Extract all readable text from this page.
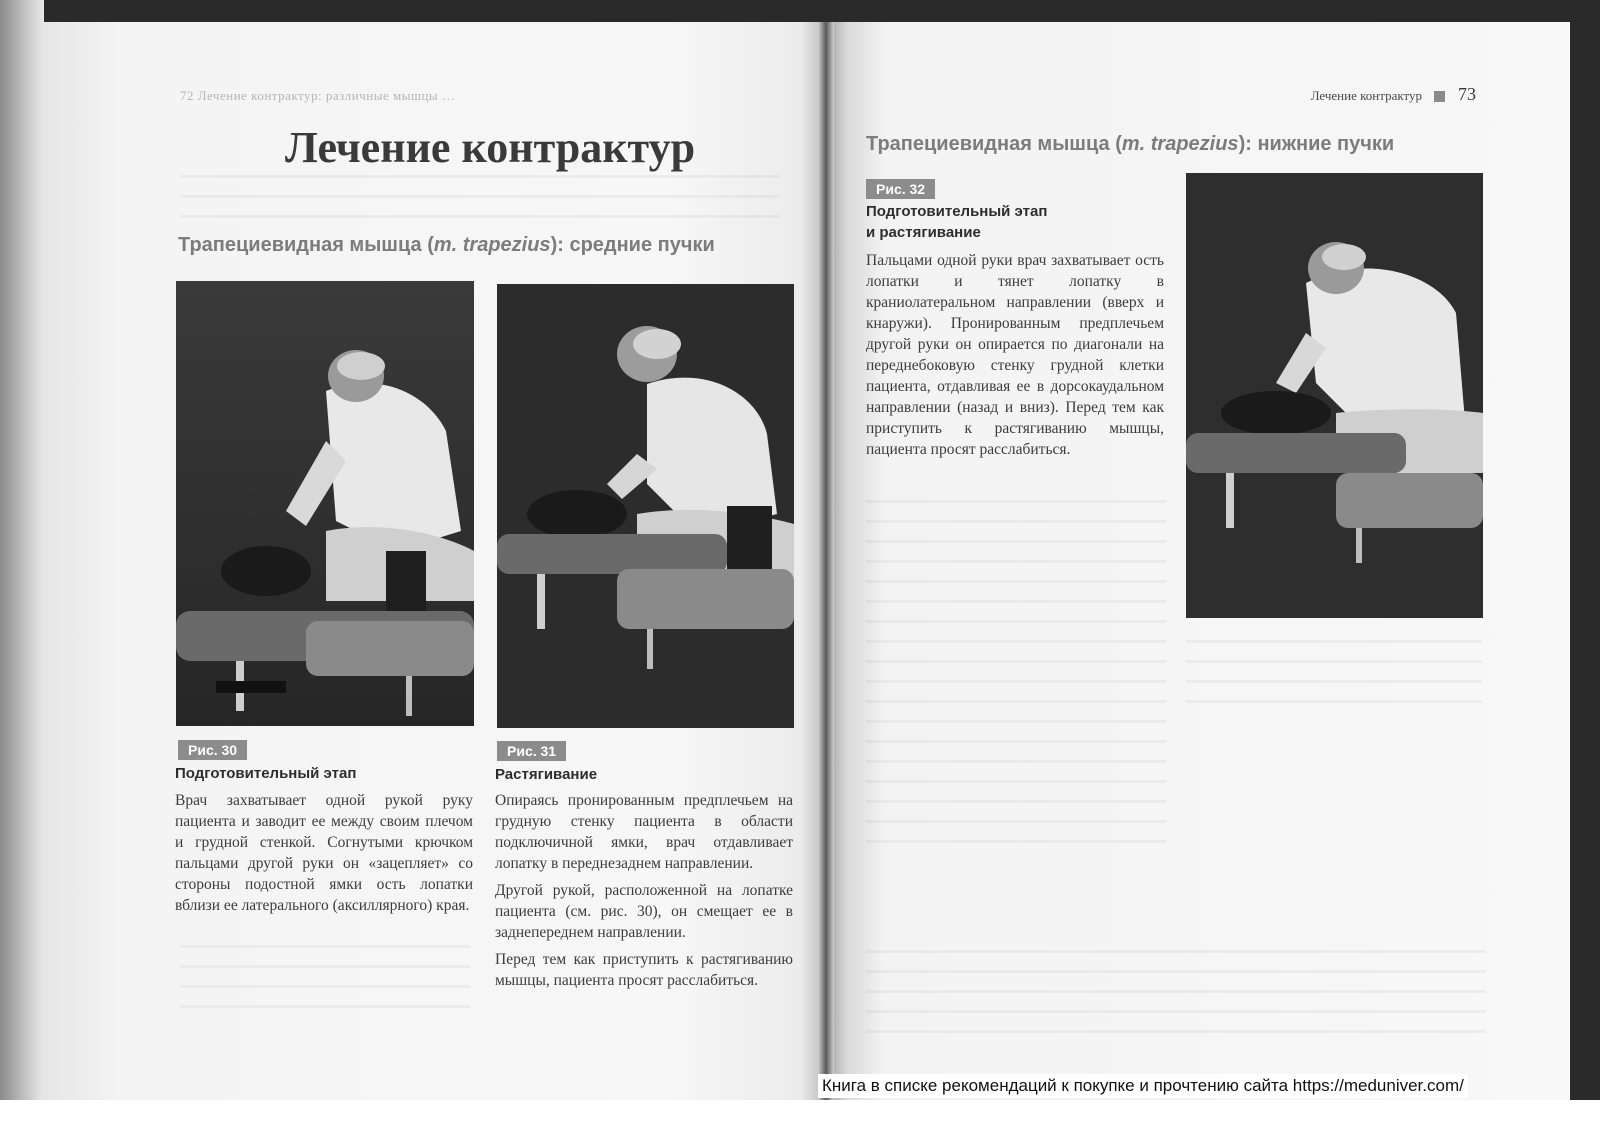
72 Лечение контрактур: различные мышцы …
Лечение контрактур
Трапециевидная мышца (m. trapezius): средние пучки
Рис. 30
Подготовительный этап

Врач захватывает одной рукой руку пациента и заводит ее между своим плечом и грудной стенкой. Согнутыми крючком пальцами другой руки он «зацепляет» со стороны подостной ямки ость лопатки вблизи ее латерального (аксиллярного) края.

Рис. 31
Растягивание

Опираясь пронированным предплечьем на грудную стенку пациента в области подключичной ямки, врач отдавливает лопатку в переднезаднем направлении.

Другой рукой, расположенной на лопатке пациента (см. рис. 30), он смещает ее в заднепереднем направлении.

Перед тем как приступить к растягиванию мышцы, пациента просят расслабиться.

Лечение контрактур 73
Трапециевидная мышца (m. trapezius): нижние пучки
Рис. 32
Подготовительный этап
и растягивание

Пальцами одной руки врач захватывает ость лопатки и тянет лопатку в краниолатеральном направлении (вверх и кнаружи). Пронированным предплечьем другой руки он опирается по диагонали на переднебоковую стенку грудной клетки пациента, отдавливая ее в дорсокаудальном направлении (назад и вниз). Перед тем как приступить к растягиванию мышцы, пациента просят расслабиться.

Книга в списке рекомендаций к покупке и прочтению сайта https://meduniver.com/
